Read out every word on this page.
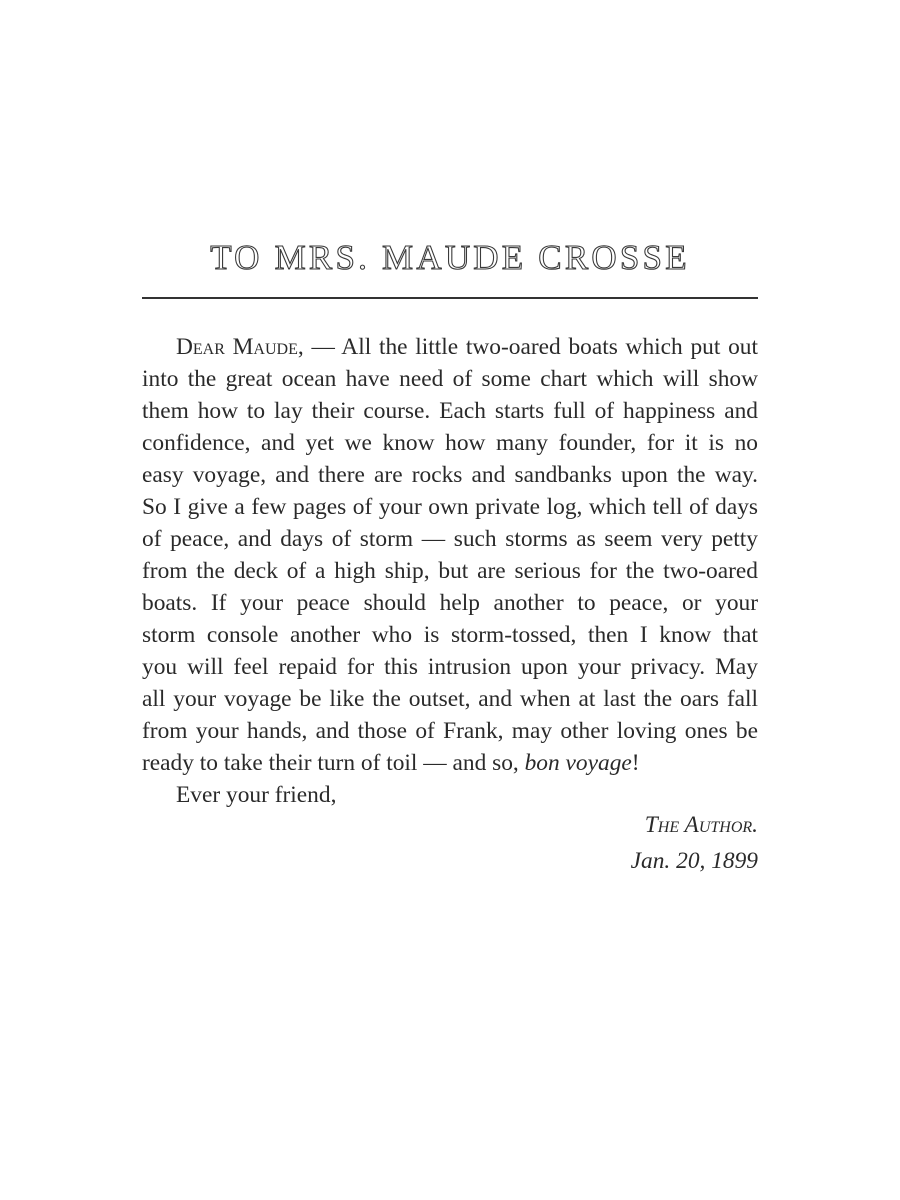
TO MRS. MAUDE CROSSE
Dear Maude, — All the little two-oared boats which put out
into the great ocean have need of some chart which will show
them how to lay their course. Each starts full of happiness and
confidence, and yet we know how many founder, for it is no
easy voyage, and there are rocks and sandbanks upon the way.
So I give a few pages of your own private log, which tell of days
of peace, and days of storm — such storms as seem very petty
from the deck of a high ship, but are serious for the two-oared
boats. If your peace should help another to peace, or your
storm console another who is storm-tossed, then I know that
you will feel repaid for this intrusion upon your privacy. May
all your voyage be like the outset, and when at last the oars fall
from your hands, and those of Frank, may other loving ones be
ready to take their turn of toil — and so, bon voyage!

Ever your friend,

The Author.
Jan. 20, 1899
